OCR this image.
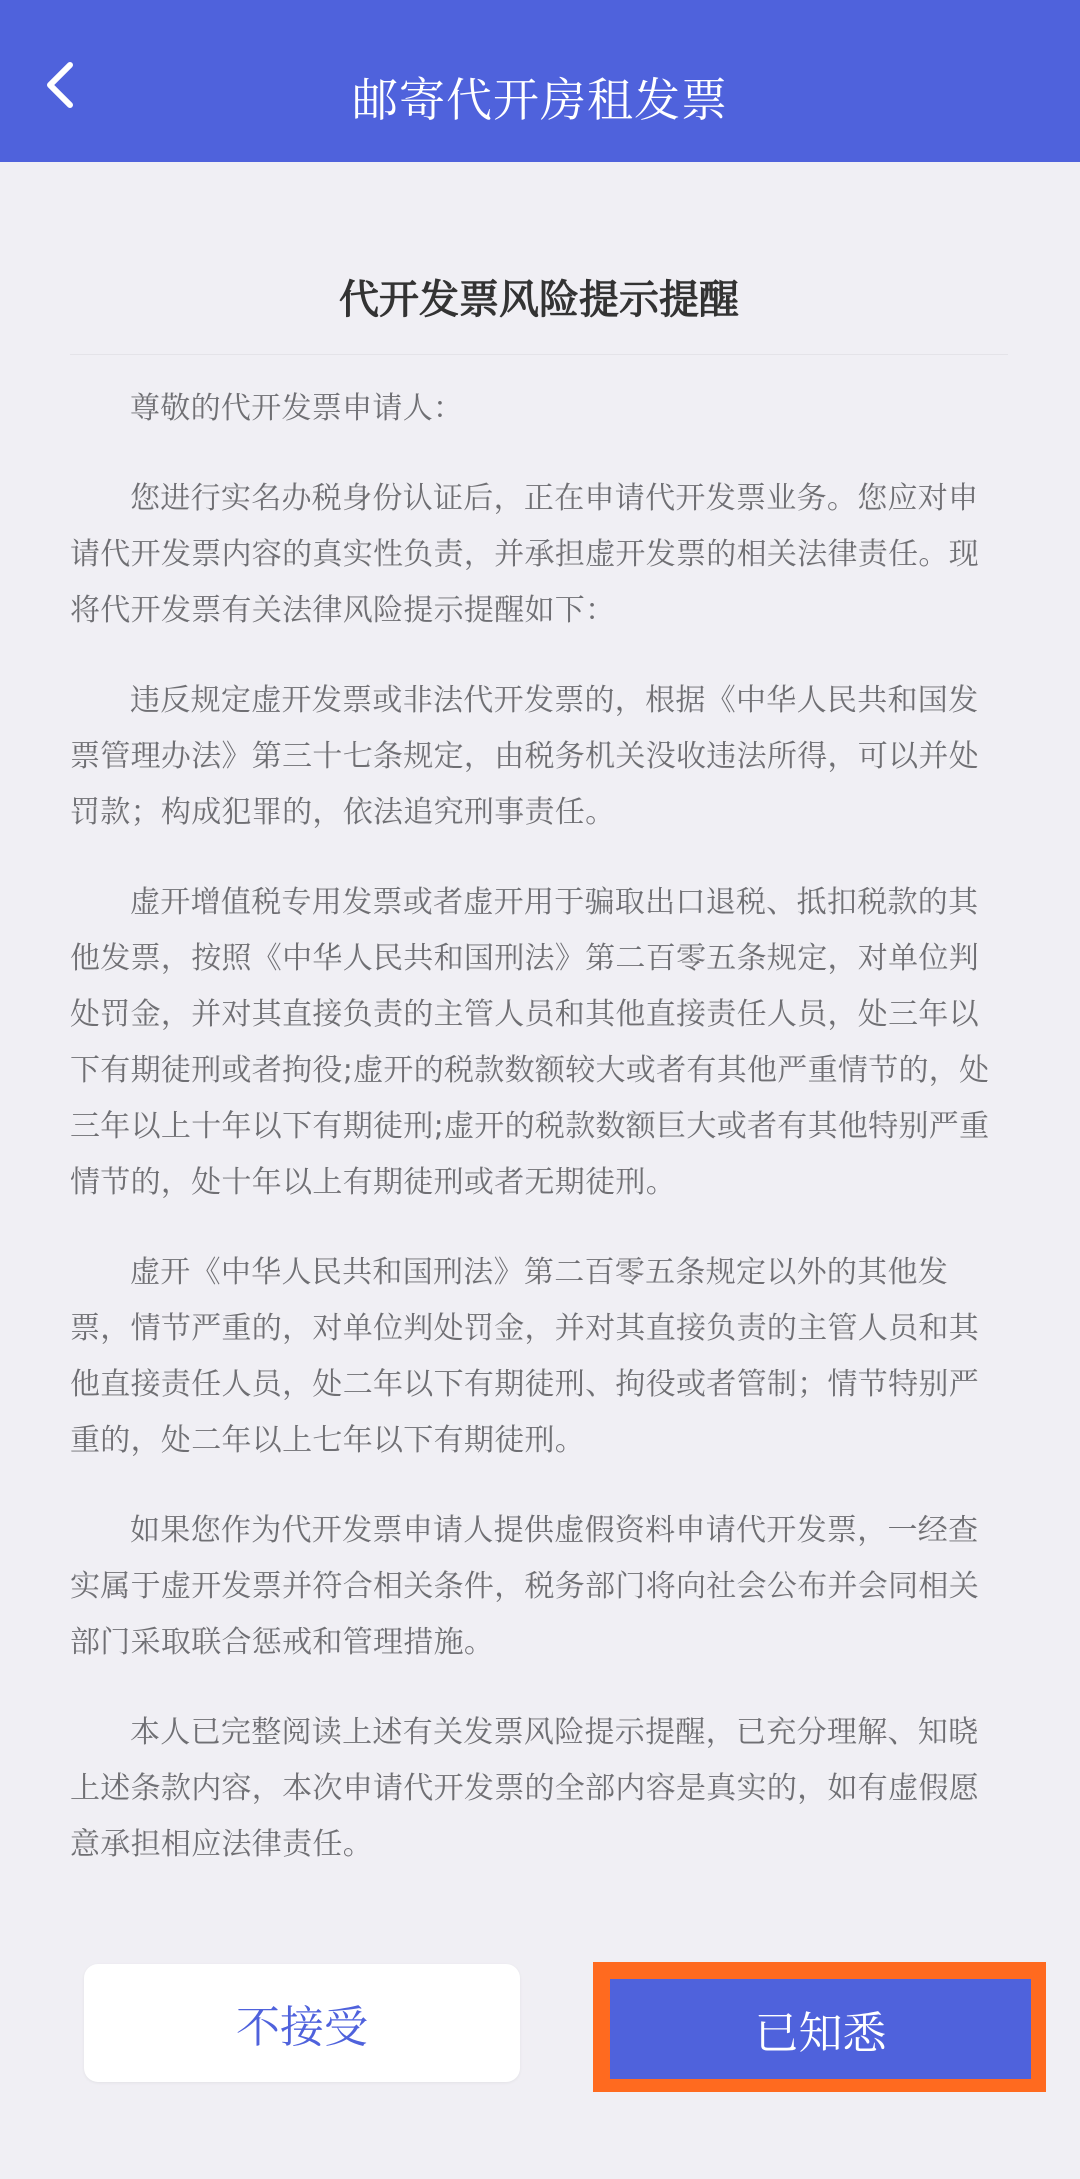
邮寄代开房租发票
代开发票风险提示提醒

尊敬的代开发票申请人：

您进行实名办税身份认证后，正在申请代开发票业务。您应对申请代开发票内容的真实性负责，并承担虚开发票的相关法律责任。现将代开发票有关法律风险提示提醒如下：

违反规定虚开发票或非法代开发票的，根据《中华人民共和国发票管理办法》第三十七条规定，由税务机关没收违法所得，可以并处罚款；构成犯罪的，依法追究刑事责任。

虚开增值税专用发票或者虚开用于骗取出口退税、抵扣税款的其他发票，按照《中华人民共和国刑法》第二百零五条规定，对单位判处罚金，并对其直接负责的主管人员和其他直接责任人员，处三年以下有期徒刑或者拘役;虚开的税款数额较大或者有其他严重情节的，处三年以上十年以下有期徒刑;虚开的税款数额巨大或者有其他特别严重情节的，处十年以上有期徒刑或者无期徒刑。

虚开《中华人民共和国刑法》第二百零五条规定以外的其他发票，情节严重的，对单位判处罚金，并对其直接负责的主管人员和其他直接责任人员，处二年以下有期徒刑、拘役或者管制；情节特别严重的，处二年以上七年以下有期徒刑。

如果您作为代开发票申请人提供虚假资料申请代开发票，一经查实属于虚开发票并符合相关条件，税务部门将向社会公布并会同相关部门采取联合惩戒和管理措施。

本人已完整阅读上述有关发票风险提示提醒，已充分理解、知晓上述条款内容，本次申请代开发票的全部内容是真实的，如有虚假愿意承担相应法律责任。

不接受	已知悉
